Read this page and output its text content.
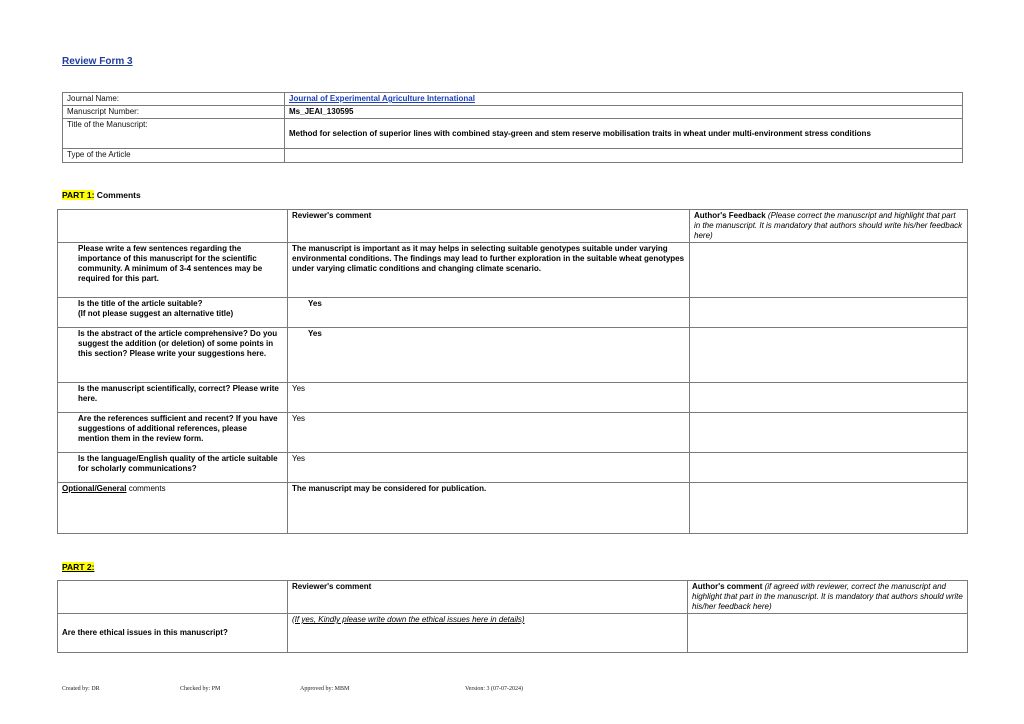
Review Form 3
Journal Name:	Journal of Experimental Agriculture International
Manuscript Number:	Ms_JEAI_130595
Title of the Manuscript:	Method for selection of superior lines with combined stay-green and stem reserve mobilisation traits in wheat under multi-environment stress conditions
Type of the Article	
PART 1: Comments
	Reviewer's comment	Author's Feedback (Please correct the manuscript and highlight that part in the manuscript. It is mandatory that authors should write his/her feedback here)
Please write a few sentences regarding the importance of this manuscript for the scientific community. A minimum of 3-4 sentences may be required for this part.	The manuscript is important as it may helps in selecting suitable genotypes suitable under varying environmental conditions. The findings may lead to further exploration in the suitable wheat genotypes under varying climatic conditions and changing climate scenario.	
Is the title of the article suitable?
(If not please suggest an alternative title)	Yes	
Is the abstract of the article comprehensive? Do you suggest the addition (or deletion) of some points in this section? Please write your suggestions here.	Yes	
Is the manuscript scientifically, correct? Please write here.	Yes	
Are the references sufficient and recent? If you have suggestions of additional references, please mention them in the review form.	Yes	
Is the language/English quality of the article suitable for scholarly communications?	Yes	
Optional/General comments	The manuscript may be considered for publication.	
PART 2:
	Reviewer's comment	Author's comment (if agreed with reviewer, correct the manuscript and highlight that part in the manuscript. It is mandatory that authors should write his/her feedback here)
Are there ethical issues in this manuscript?	(If yes, Kindly please write down the ethical issues here in details)	
Created by: DR	Checked by: PM	Approved by: MBM	Version: 3 (07-07-2024)
